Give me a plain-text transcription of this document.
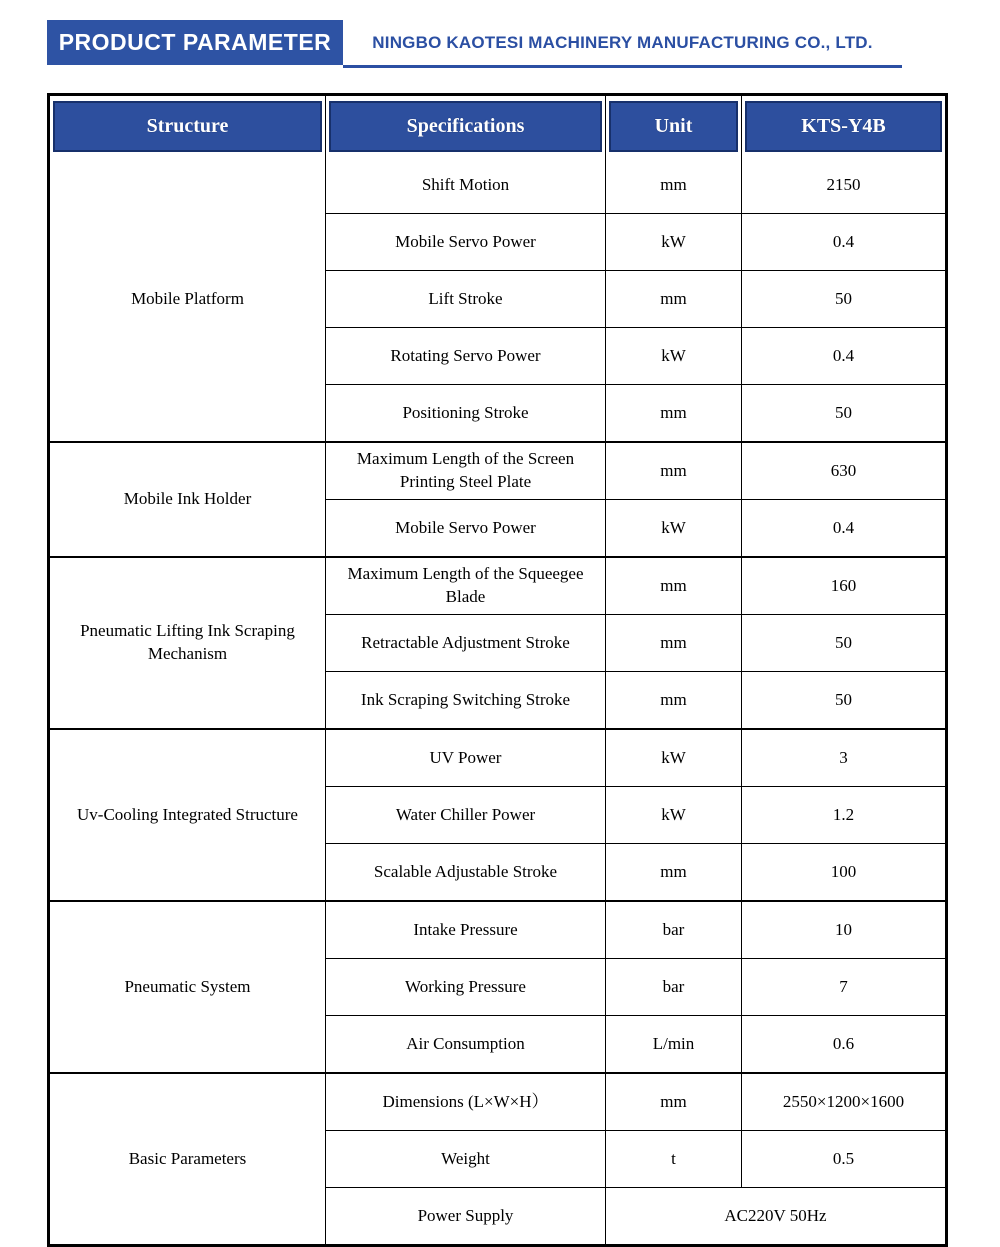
PRODUCT PARAMETER	NINGBO KAOTESI MACHINERY MANUFACTURING CO., LTD.
Structure	Specifications	Unit	KTS-Y4B

Mobile Platform	Shift Motion	mm	2150
	Mobile Servo Power	kW	0.4
	Lift Stroke	mm	50
	Rotating Servo Power	kW	0.4
	Positioning Stroke	mm	50
Mobile Ink Holder	Maximum Length of the Screen Printing Steel Plate	mm	630
	Mobile Servo Power	kW	0.4
Pneumatic Lifting Ink Scraping Mechanism	Maximum Length of the Squeegee Blade	mm	160
	Retractable Adjustment Stroke	mm	50
	Ink Scraping Switching Stroke	mm	50
Uv-Cooling Integrated Structure	UV Power	kW	3
	Water Chiller Power	kW	1.2
	Scalable Adjustable Stroke	mm	100
Pneumatic System	Intake Pressure	bar	10
	Working Pressure	bar	7
	Air Consumption	L/min	0.6
Basic Parameters	Dimensions (L×W×H）	mm	2550×1200×1600
	Weight	t	0.5
	Power Supply	AC220V 50Hz	
